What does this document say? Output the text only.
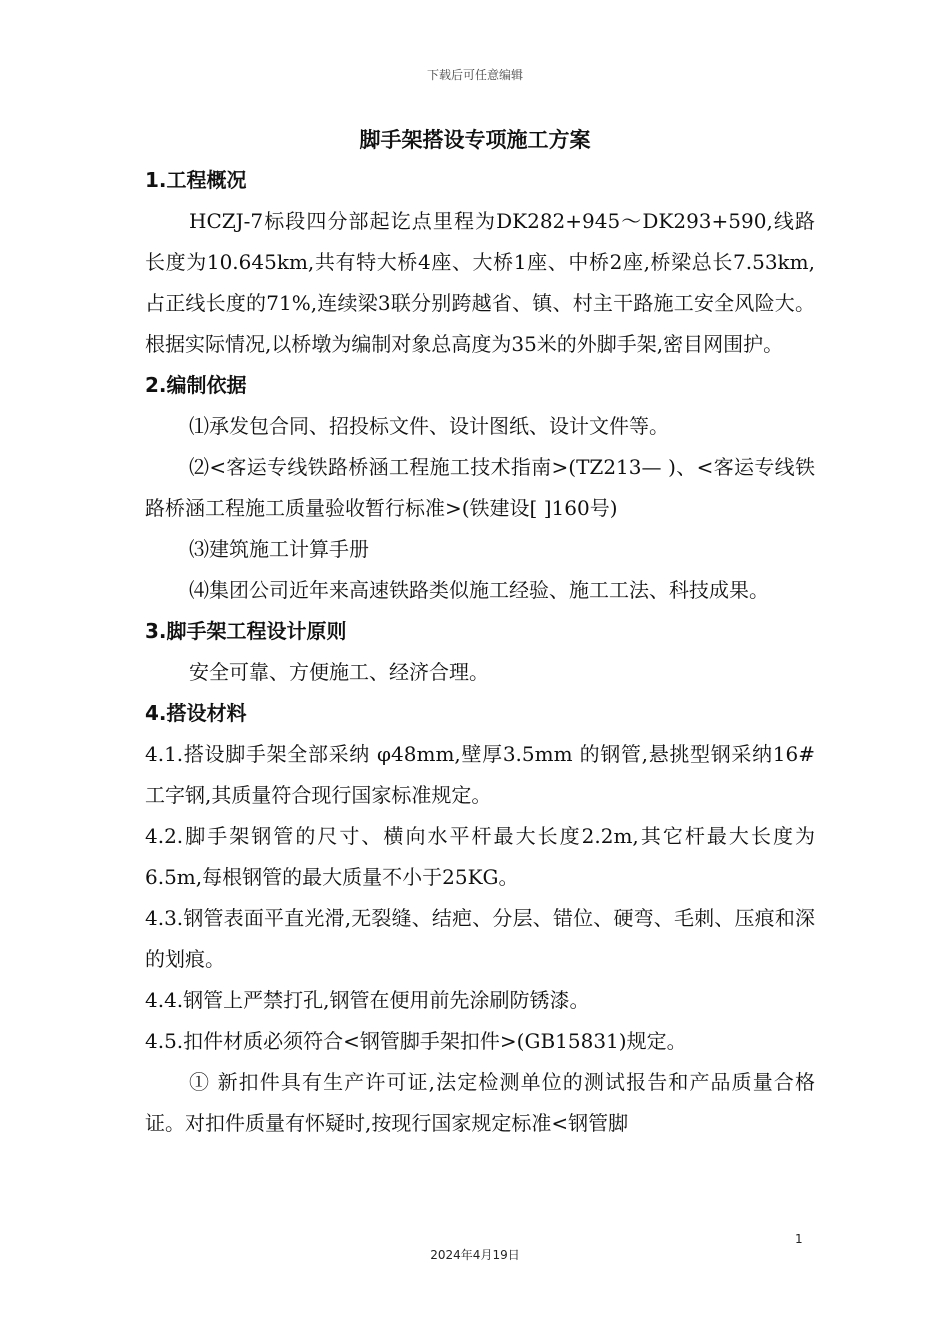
下载后可任意编辑
脚手架搭设专项施工方案

1.工程概况

HCZJ-7标段四分部起讫点里程为DK282+945～DK293+590,线路长度为10.645km,共有特大桥4座、大桥1座、中桥2座,桥梁总长7.53km,占正线长度的71%,连续梁3联分别跨越省、镇、村主干路施工安全风险大。根据实际情况,以桥墩为编制对象总高度为35米的外脚手架,密目网围护。

2.编制依据

⑴承发包合同、招投标文件、设计图纸、设计文件等。

⑵<客运专线铁路桥涵工程施工技术指南>(TZ213— )、<客运专线铁路桥涵工程施工质量验收暂行标准>(铁建设[ ]160号)

⑶建筑施工计算手册

⑷集团公司近年来高速铁路类似施工经验、施工工法、科技成果。

3.脚手架工程设计原则

安全可靠、方便施工、经济合理。

4.搭设材料

4.1.搭设脚手架全部采纳 φ48mm,壁厚3.5mm 的钢管,悬挑型钢采纳16#工字钢,其质量符合现行国家标准规定。

4.2.脚手架钢管的尺寸、横向水平杆最大长度2.2m,其它杆最大长度为6.5m,每根钢管的最大质量不小于25KG。

4.3.钢管表面平直光滑,无裂缝、结疤、分层、错位、硬弯、毛刺、压痕和深的划痕。

4.4.钢管上严禁打孔,钢管在便用前先涂刷防锈漆。

4.5.扣件材质必须符合<钢管脚手架扣件>(GB15831)规定。

① 新扣件具有生产许可证,法定检测单位的测试报告和产品质量合格证。对扣件质量有怀疑时,按现行国家规定标准<钢管脚

1
2024年4月19日
